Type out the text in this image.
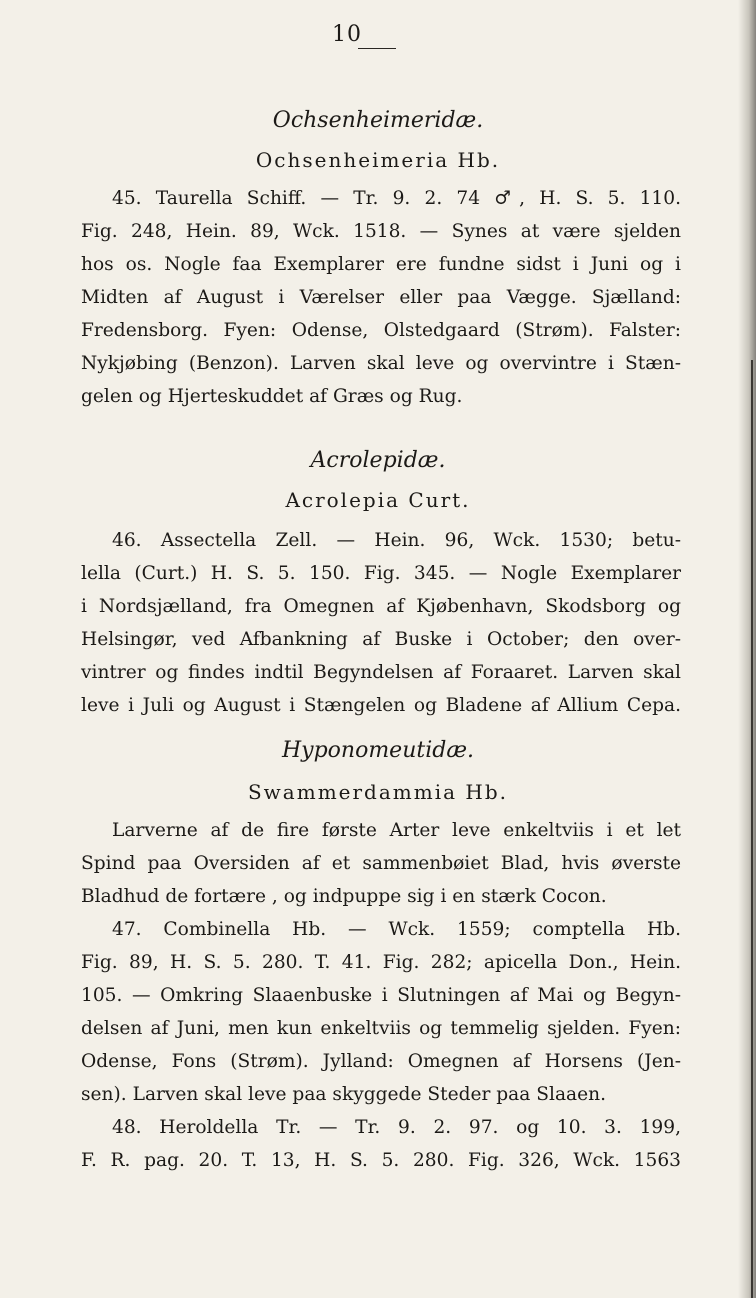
10
Ochsenheimeridæ.
Ochsenheimeria Hb.
45. Taurella Schiff. — Tr. 9. 2. 74 ♂, H. S. 5. 110.
Fig. 248, Hein. 89, Wck. 1518. — Synes at være sjelden
hos os. Nogle faa Exemplarer ere fundne sidst i Juni og i
Midten af August i Værelser eller paa Vægge. Sjælland:
Fredensborg. Fyen: Odense, Olstedgaard (Strøm). Falster:
Nykjøbing (Benzon). Larven skal leve og overvintre i Stæn-
gelen og Hjerteskuddet af Græs og Rug.
Acrolepidæ.
Acrolepia Curt.
46. Assectella Zell. — Hein. 96, Wck. 1530; betu-
lella (Curt.) H. S. 5. 150. Fig. 345. — Nogle Exemplarer
i Nordsjælland, fra Omegnen af Kjøbenhavn, Skodsborg og
Helsingør, ved Afbankning af Buske i October; den over-
vintrer og findes indtil Begyndelsen af Foraaret. Larven skal
leve i Juli og August i Stængelen og Bladene af Allium Cepa.
Hyponomeutidæ.
Swammerdammia Hb.
Larverne af de fire første Arter leve enkeltviis i et let
Spind paa Oversiden af et sammenbøiet Blad, hvis øverste
Bladhud de fortære , og indpuppe sig i en stærk Cocon.
47. Combinella Hb. — Wck. 1559; comptella Hb.
Fig. 89, H. S. 5. 280. T. 41. Fig. 282; apicella Don., Hein.
105. — Omkring Slaaenbuske i Slutningen af Mai og Begyn-
delsen af Juni, men kun enkeltviis og temmelig sjelden. Fyen:
Odense, Fons (Strøm). Jylland: Omegnen af Horsens (Jen-
sen). Larven skal leve paa skyggede Steder paa Slaaen.
48. Heroldella Tr. — Tr. 9. 2. 97. og 10. 3. 199,
F. R. pag. 20. T. 13, H. S. 5. 280. Fig. 326, Wck. 1563
